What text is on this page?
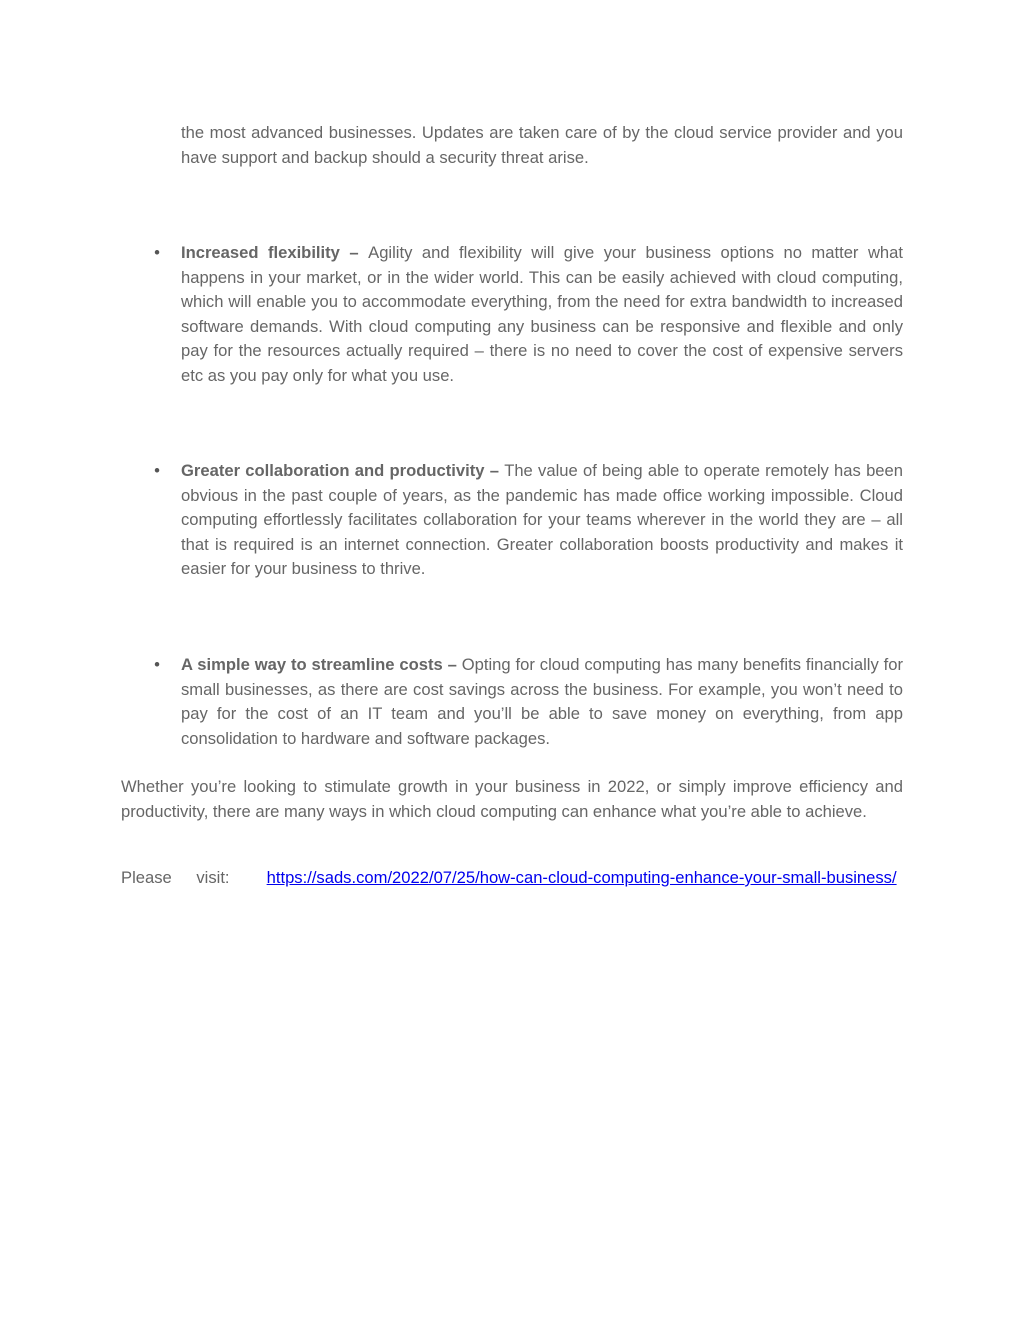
the most advanced businesses. Updates are taken care of by the cloud service provider and you have support and backup should a security threat arise.

• Increased flexibility – Agility and flexibility will give your business options no matter what happens in your market, or in the wider world. This can be easily achieved with cloud computing, which will enable you to accommodate everything, from the need for extra bandwidth to increased software demands. With cloud computing any business can be responsive and flexible and only pay for the resources actually required – there is no need to cover the cost of expensive servers etc as you pay only for what you use.
• Greater collaboration and productivity – The value of being able to operate remotely has been obvious in the past couple of years, as the pandemic has made office working impossible. Cloud computing effortlessly facilitates collaboration for your teams wherever in the world they are – all that is required is an internet connection. Greater collaboration boosts productivity and makes it easier for your business to thrive.
• A simple way to streamline costs – Opting for cloud computing has many benefits financially for small businesses, as there are cost savings across the business. For example, you won’t need to pay for the cost of an IT team and you’ll be able to save money on everything, from app consolidation to hardware and software packages.

Whether you’re looking to stimulate growth in your business in 2022, or simply improve efficiency and productivity, there are many ways in which cloud computing can enhance what you’re able to achieve.

Please visit: https://sads.com/2022/07/25/how-can-cloud-computing-enhance-your-small-business/
